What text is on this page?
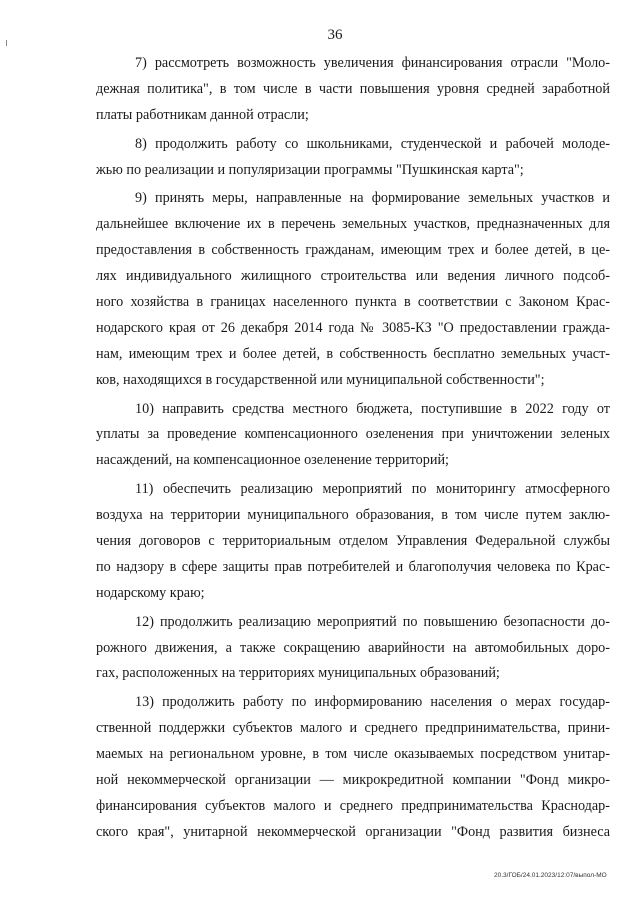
36
7) рассмотреть возможность увеличения финансирования отрасли "Моло-
дежная политика", в том числе в части повышения уровня средней заработной
платы работникам данной отрасли;
8) продолжить работу со школьниками, студенческой и рабочей молоде-
жью по реализации и популяризации программы "Пушкинская карта";
9) принять меры, направленные на формирование земельных участков и
дальнейшее включение их в перечень земельных участков, предназначенных для
предоставления в собственность гражданам, имеющим трех и более детей, в це-
лях индивидуального жилищного строительства или ведения личного подсоб-
ного хозяйства в границах населенного пункта в соответствии с Законом Крас-
нодарского края от 26 декабря 2014 года № 3085-КЗ "О предоставлении гражда-
нам, имеющим трех и более детей, в собственность бесплатно земельных участ-
ков, находящихся в государственной или муниципальной собственности";
10) направить средства местного бюджета, поступившие в 2022 году от
уплаты за проведение компенсационного озеленения при уничтожении зеленых
насаждений, на компенсационное озеленение территорий;
11) обеспечить реализацию мероприятий по мониторингу атмосферного
воздуха на территории муниципального образования, в том числе путем заклю-
чения договоров с территориальным отделом Управления Федеральной службы
по надзору в сфере защиты прав потребителей и благополучия человека по Крас-
нодарскому краю;
12) продолжить реализацию мероприятий по повышению безопасности до-
рожного движения, а также сокращению аварийности на автомобильных доро-
гах, расположенных на территориях муниципальных образований;
13) продолжить работу по информированию населения о мерах государ-
ственной поддержки субъектов малого и среднего предпринимательства, прини-
маемых на региональном уровне, в том числе оказываемых посредством унитар-
ной некоммерческой организации — микрокредитной компании "Фонд микро-
финансирования субъектов малого и среднего предпринимательства Краснодар-
ского края", унитарной некоммерческой организации "Фонд развития бизнеса
20.3/ГОБ/24.01.2023/12:07/выпол-МО
